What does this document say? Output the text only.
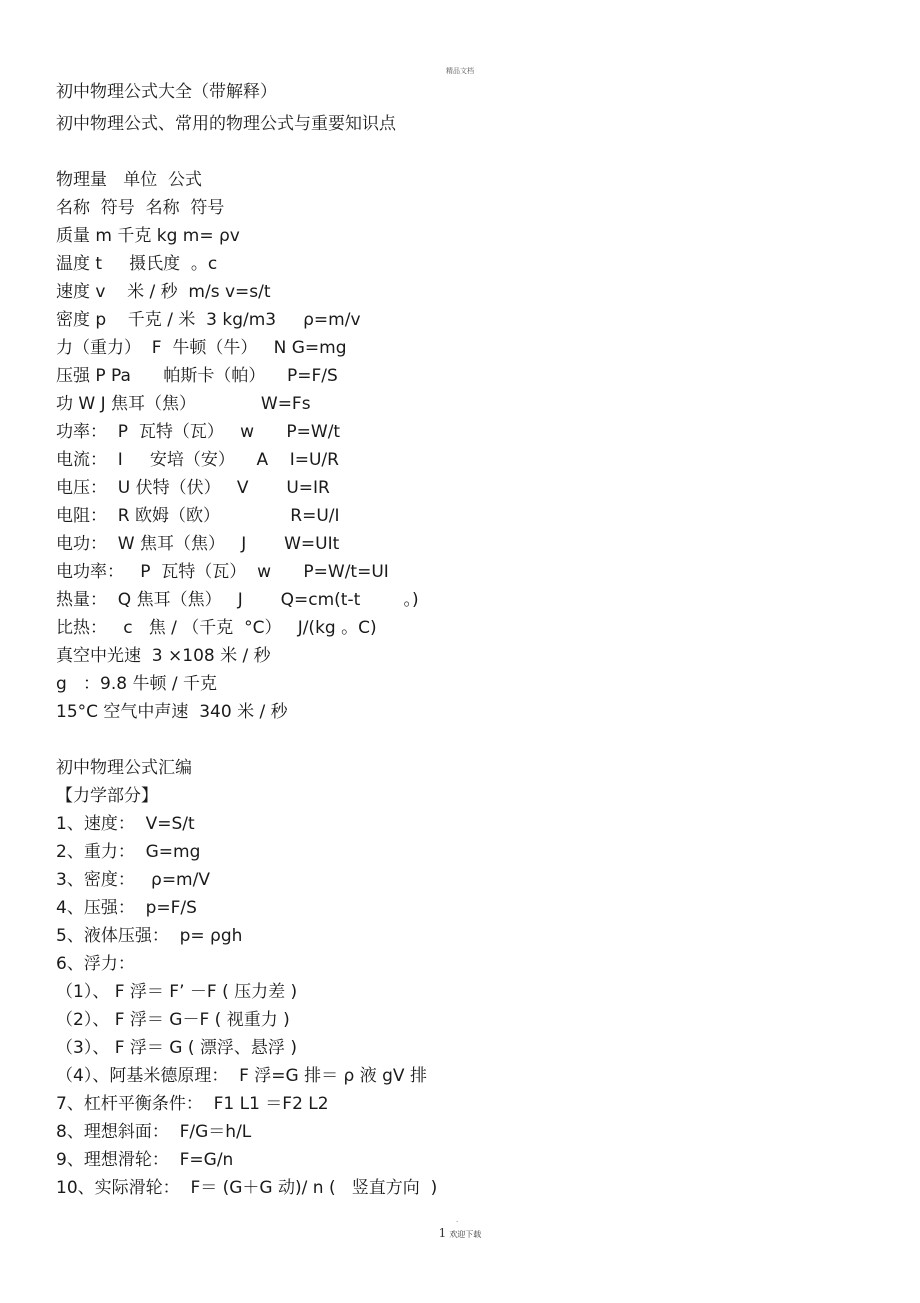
精品文档
初中物理公式大全（带解释）
初中物理公式、常用的物理公式与重要知识点
物理量   单位  公式
名称  符号  名称  符号
质量 m 千克 kg m= ρv
温度 t     摄氏度  。c
速度 v    米 / 秒  m/s v=s/t
密度 p    千克 / 米  3 kg/m3     ρ=m/v
力（重力）  F  牛顿（牛）   N G=mg
压强 P Pa      帕斯卡（帕）    P=F/S
功 W J 焦耳（焦）            W=Fs
功率：  P  瓦特（瓦）   w      P=W/t
电流：  I     安培（安）    A    I=U/R
电压：  U 伏特（伏）   V       U=IR
电阻：  R 欧姆（欧）             R=U/I
电功：  W 焦耳（焦）   J       W=UIt
电功率：   P  瓦特（瓦）  w      P=W/t=UI
热量：  Q 焦耳（焦）   J       Q=cm(t-t        。)
比热：   c   焦 / （千克  °C）   J/(kg 。C)
真空中光速  3 ×108 米 / 秒
g   ：9.8 牛顿 / 千克
15°C 空气中声速  340 米 / 秒
初中物理公式汇编
【力学部分】
1、速度：  V=S/t
2、重力：  G=mg
3、密度：   ρ=m/V
4、压强：  p=F/S
5、液体压强：  p= ρgh
6、浮力：
（1）、 F 浮＝ F’ －F ( 压力差 )
（2）、 F 浮＝ G－F ( 视重力 )
（3）、 F 浮＝ G ( 漂浮、悬浮 )
（4）、阿基米德原理：  F 浮=G 排＝ ρ 液 gV 排
7、杠杆平衡条件：  F1 L1 ＝F2 L2
8、理想斜面：  F/G＝h/L
9、理想滑轮：  F=G/n
10、实际滑轮：  F＝ (G＋G 动)/ n (   竖直方向  )
.
1 欢迎下载
